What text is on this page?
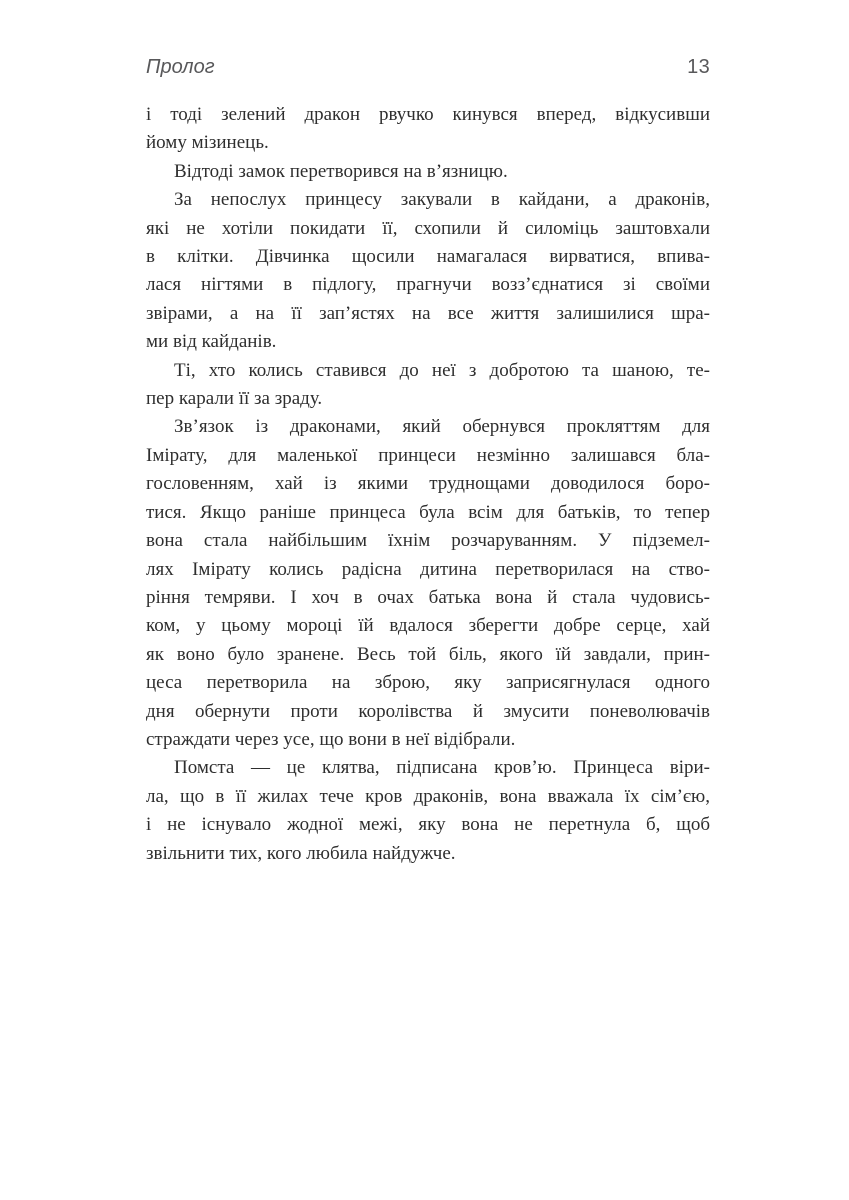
Пролог	13

і тоді зелений дракон рвучко кинувся вперед, відкусивши
йому мізинець.

Відтоді замок перетворився на в’язницю.

За непослух принцесу закували в кайдани, а драконів,
які не хотіли покидати її, схопили й силоміць заштовхали
в клітки. Дівчинка щосили намагалася вирватися, впива-
лася нігтями в підлогу, прагнучи возз’єднатися зі своїми
звірами, а на її зап’ястях на все життя залишилися шра-
ми від кайданів.

Ті, хто колись ставився до неї з добротою та шаною, те-
пер карали її за зраду.

Зв’язок із драконами, який обернувся прокляттям для
Імірату, для маленької принцеси незмінно залишався бла-
гословенням, хай із якими труднощами доводилося боро-
тися. Якщо раніше принцеса була всім для батьків, то тепер
вона стала найбільшим їхнім розчаруванням. У підземел-
лях Імірату колись радісна дитина перетворилася на ство-
ріння темряви. І хоч в очах батька вона й стала чудовись-
ком, у цьому мороці їй вдалося зберегти добре серце, хай
як воно було зранене. Весь той біль, якого їй завдали, прин-
цеса перетворила на зброю, яку заприсягнулася одного
дня обернути проти королівства й змусити поневолювачів
страждати через усе, що вони в неї відібрали.

Помста — це клятва, підписана кров’ю. Принцеса віри-
ла, що в її жилах тече кров драконів, вона вважала їх сім’єю,
і не існувало жодної межі, яку вона не перетнула б, щоб
звільнити тих, кого любила найдужче.
